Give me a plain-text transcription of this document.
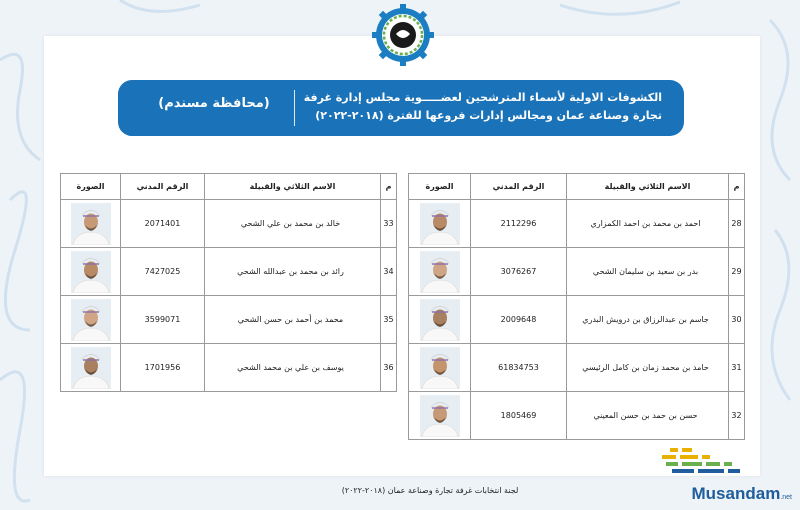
الكشوفات الاولية لأسماء المترشحين لعضـــــوية مجلس إدارة غرفة
تجارة وصناعة عمان ومجالس إدارات فروعها للفترة (٢٠١٨-٢٠٢٢)
(محافظة مسندم)
م	الاسم الثلاثي والقبيلة	الرقم المدني	الصورة
28	احمد بن محمد بن احمد الكمزاري	2112296	
29	بدر بن سعيد بن سليمان الشحي	3076267	
30	جاسم بن عبدالرزاق بن درويش البدري	2009648	
31	حامد بن محمد زمان بن كامل الرئيسي	61834753	
32	حسن بن حمد بن حسن المعيني	1805469	
م	الاسم الثلاثي والقبيلة	الرقم المدني	الصورة
33	خالد بن محمد بن علي الشحي	2071401	
34	رائد بن محمد بن عبدالله الشحي	7427025	
35	محمد بن أحمد بن حسن الشحي	3599071	
36	يوسف بن علي بن محمد الشحي	1701956	
لجنة انتخابات غرفة تجارة وصناعة عمان (٢٠١٨-٢٠٢٢)	Musandam.net
